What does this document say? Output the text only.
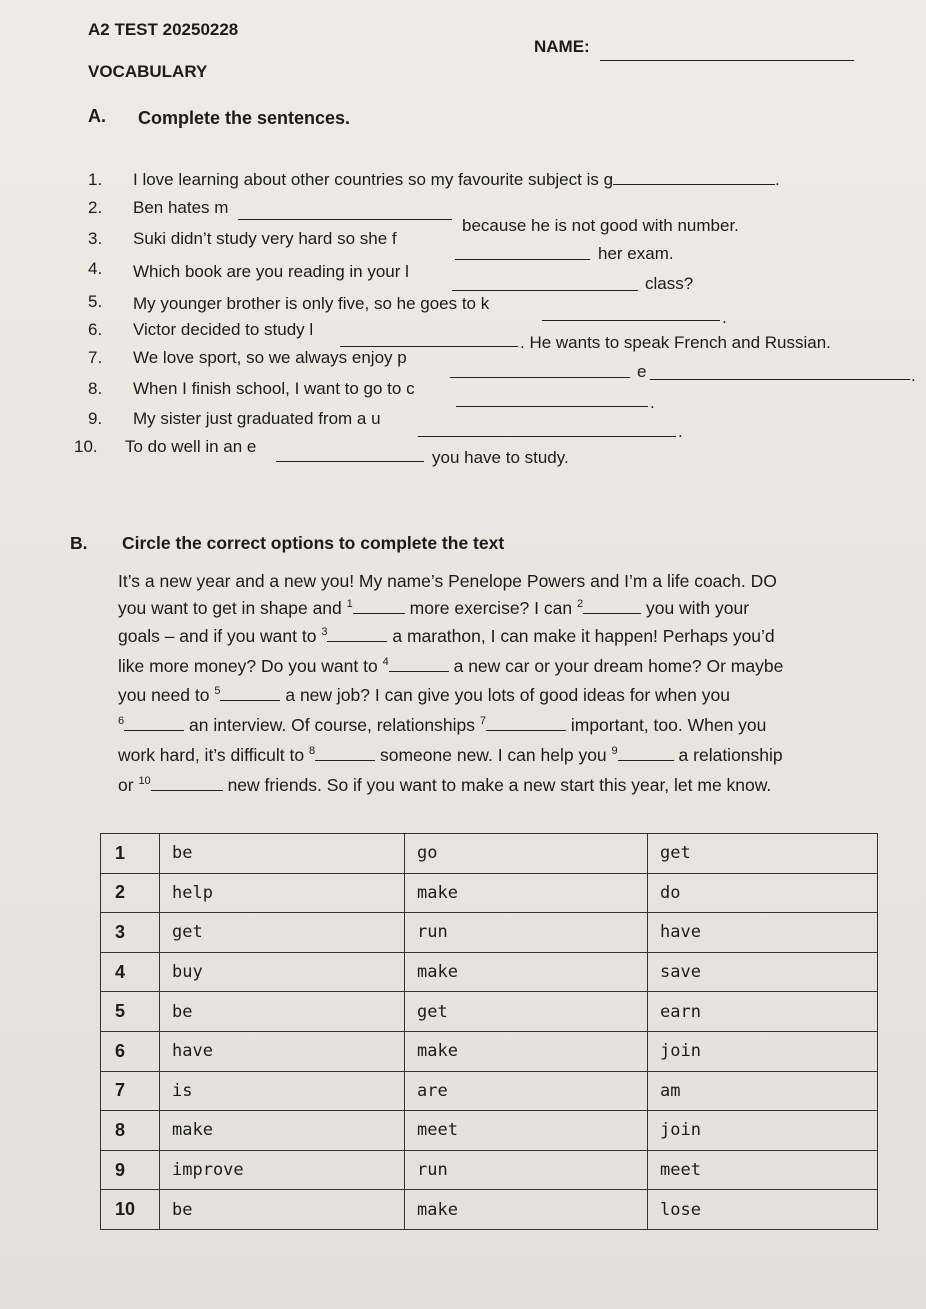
A2 TEST 20250228
NAME:
VOCABULARY
A. Complete the sentences.
1. I love learning about other countries so my favourite subject is g	.
2. Ben hates m
because he is not good with number.
3. Suki didn’t study very hard so she f
her exam.
4. Which book are you reading in your l
class?
5. My younger brother is only five, so he goes to k
.
6. Victor decided to study l
. He wants to speak French and Russian.
7. We love sport, so we always enjoy p
e	.
8. When I finish school, I want to go to c
.
9. My sister just graduated from a u
.
10. To do well in an e
you have to study.
B. Circle the correct options to complete the text
It’s a new year and a new you! My name’s Penelope Powers and I’m a life coach. DO
you want to get in shape and $^1$	more exercise? I can $^2$	you with your
goals – and if you want to $^3$	a marathon, I can make it happen! Perhaps you’d
like more money? Do you want to $^4$	a new car or your dream home? Or maybe
you need to $^5$	a new job? I can give you lots of good ideas for when you
$^6$	an interview. Of course, relationships $^7$	important, too. When you
work hard, it’s difficult to $^8$	someone new. I can help you $^9$	a relationship
or $^{10}$	new friends. So if you want to make a new start this year, let me know.
1	be	go	get
2	help	make	do
3	get	run	have
4	buy	make	save
5	be	get	earn
6	have	make	join
7	is	are	am
8	make	meet	join
9	improve	run	meet
10	be	make	lose
